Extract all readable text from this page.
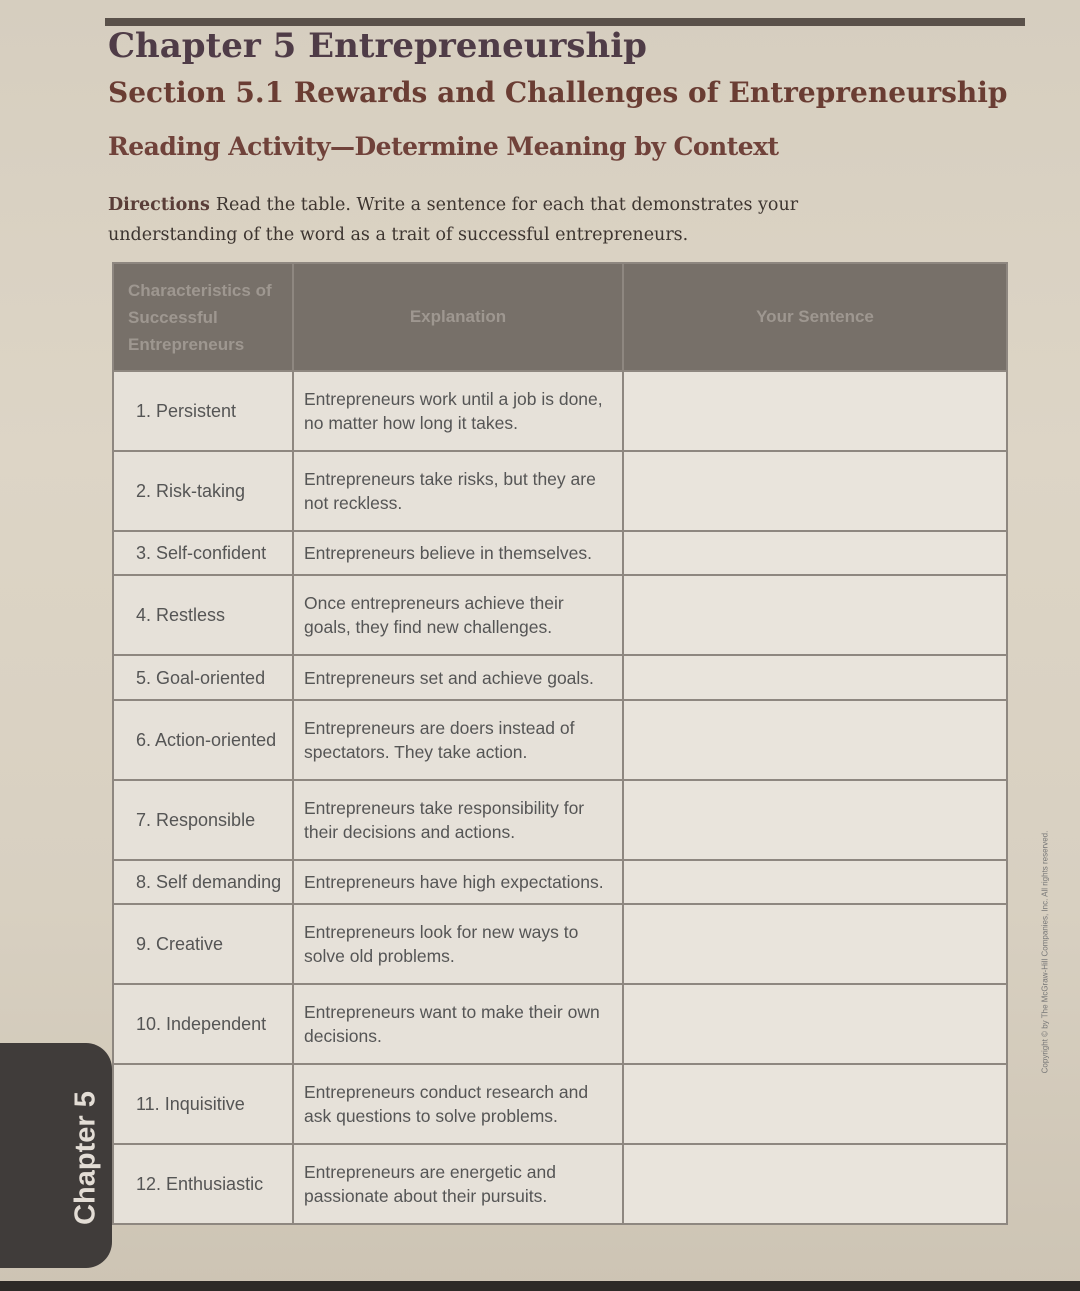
Chapter 5 Entrepreneurship
Section 5.1 Rewards and Challenges of Entrepreneurship
Reading Activity—Determine Meaning by Context
Directions Read the table. Write a sentence for each that demonstrates your understanding of the word as a trait of successful entrepreneurs.
Characteristics of Successful Entrepreneurs	Explanation	Your Sentence
1. Persistent	Entrepreneurs work until a job is done, no matter how long it takes.	
2. Risk-taking	Entrepreneurs take risks, but they are not reckless.	
3. Self-confident	Entrepreneurs believe in themselves.	
4. Restless	Once entrepreneurs achieve their goals, they find new challenges.	
5. Goal-oriented	Entrepreneurs set and achieve goals.	
6. Action-oriented	Entrepreneurs are doers instead of spectators. They take action.	
7. Responsible	Entrepreneurs take responsibility for their decisions and actions.	
8. Self demanding	Entrepreneurs have high expectations.	
9. Creative	Entrepreneurs look for new ways to solve old problems.	
10. Independent	Entrepreneurs want to make their own decisions.	
11. Inquisitive	Entrepreneurs conduct research and ask questions to solve problems.	
12. Enthusiastic	Entrepreneurs are energetic and passionate about their pursuits.	
Chapter 5
Copyright © by The McGraw-Hill Companies, Inc. All rights reserved.
